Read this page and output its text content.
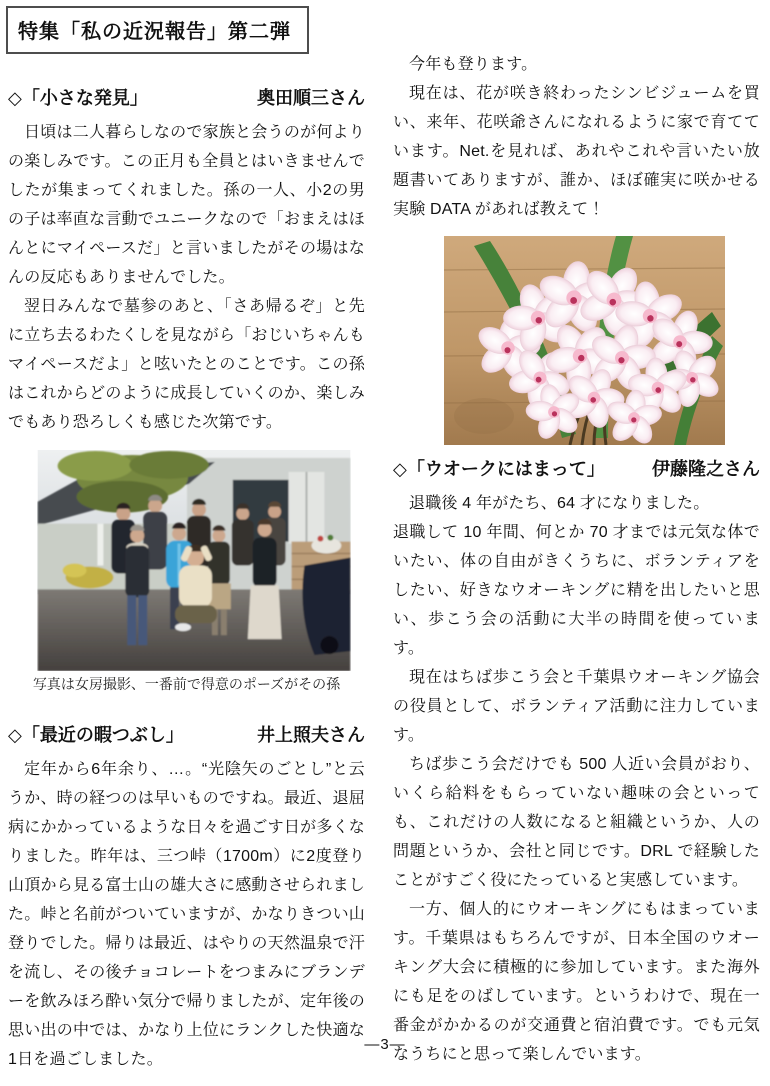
特集「私の近況報告」第二弾
◇「小さな発見」	奥田順三さん

日頃は二人暮らしなので家族と会うのが何よりの楽しみです。この正月も全員とはいきませんでしたが集まってくれました。孫の一人、小2の男の子は率直な言動でユニークなので「おまえはほんとにマイペースだ」と言いましたがその場はなんの反応もありませんでした。

翌日みんなで墓参のあと、「さあ帰るぞ」と先に立ち去るわたくしを見ながら「おじいちゃんもマイペースだよ」と呟いたとのことです。この孫はこれからどのように成長していくのか、楽しみでもあり恐ろしくも感じた次第です。

写真は女房撮影、一番前で得意のポーズがその孫

◇「最近の暇つぶし」	井上照夫さん

定年から6年余り、…。“光陰矢のごとし”と云うか、時の経つのは早いものですね。最近、退屈病にかかっているような日々を過ごす日が多くなりました。昨年は、三つ峠（1700m）に2度登り山頂から見る富士山の雄大さに感動させられました。峠と名前がついていますが、かなりきつい山登りでした。帰りは最近、はやりの天然温泉で汗を流し、その後チョコレートをつまみにブランデーを飲みほろ酔い気分で帰りましたが、定年後の思い出の中では、かなり上位にランクした快適な1日を過ごしました。

今年も登ります。

現在は、花が咲き終わったシンビジュームを買い、来年、花咲爺さんになれるように家で育てています。Net.を見れば、あれやこれや言いたい放題書いてありますが、誰か、ほぼ確実に咲かせる実験 DATA があれば教えて！

◇「ウオークにはまって」	伊藤隆之さん

退職後 4 年がたち、64 才になりました。

退職して 10 年間、何とか 70 才までは元気な体でいたい、体の自由がきくうちに、ボランティアをしたい、好きなウオーキングに精を出したいと思い、歩こう会の活動に大半の時間を使っています。

現在はちば歩こう会と千葉県ウオーキング協会の役員として、ボランティア活動に注力しています。

ちば歩こう会だけでも 500 人近い会員がおり、いくら給料をもらっていない趣味の会といっても、これだけの人数になると組織というか、人の問題というか、会社と同じです。DRL で経験したことがすごく役にたっていると実感しています。

一方、個人的にウオーキングにもはまっています。千葉県はもちろんですが、日本全国のウオーキング大会に積極的に参加しています。また海外にも足をのばしています。というわけで、現在一番金がかかるのが交通費と宿泊費です。でも元気なうちにと思って楽しんでいます。

―3―
